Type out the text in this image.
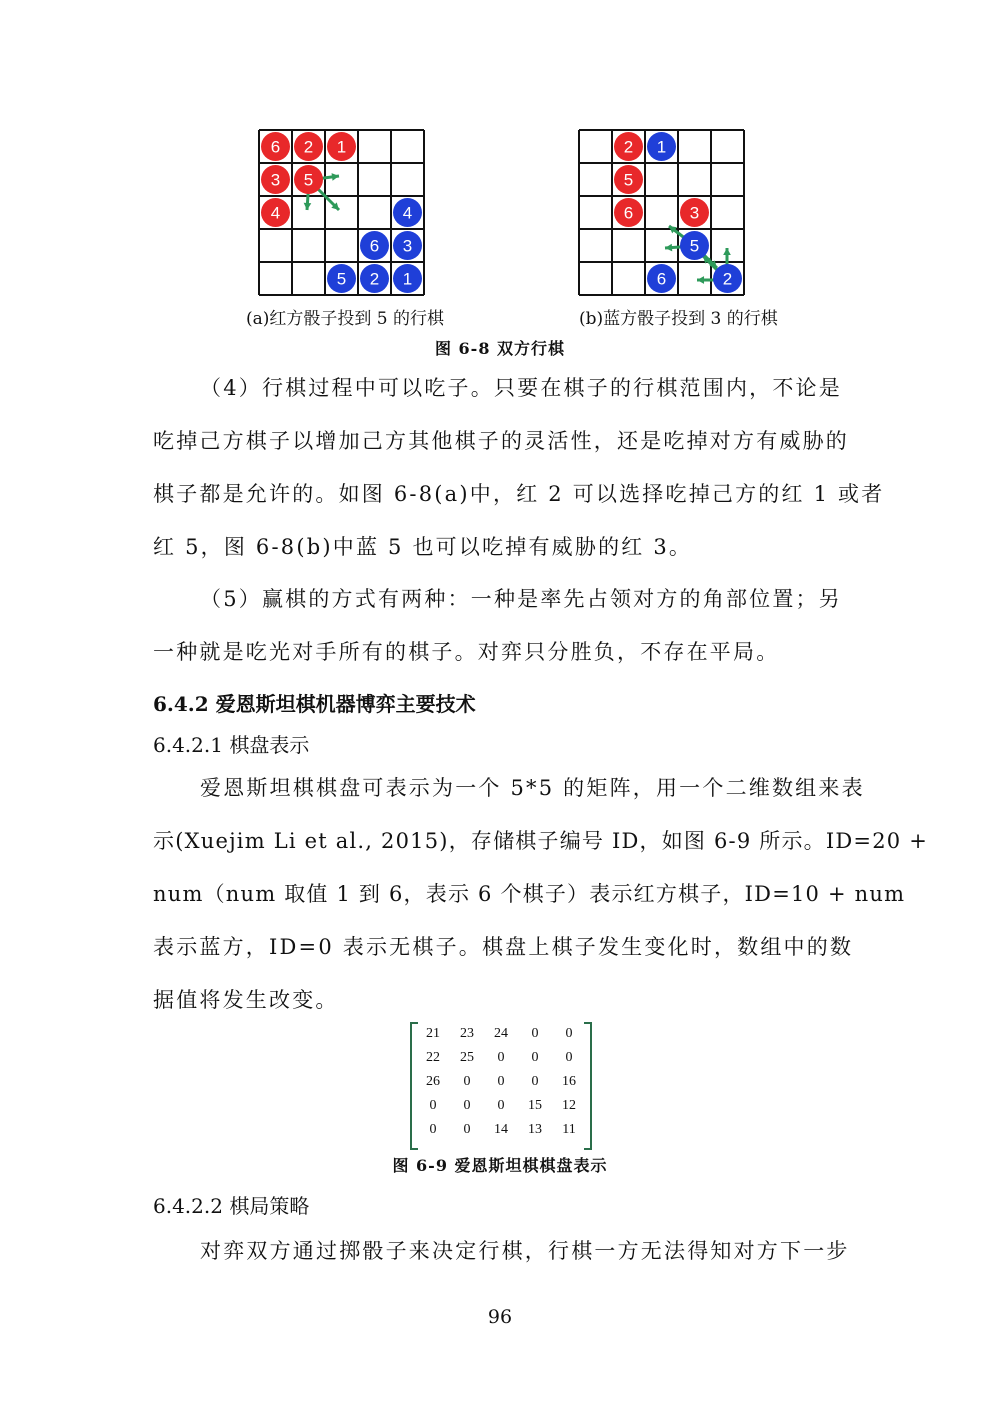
6 2 1
3 5
4	4
6 3
5 2 1
2 1
5
6	3
5
6	2
(a)红方骰子投到 5 的行棋	(b)蓝方骰子投到 3 的行棋
图 6-8 双方行棋
（4）行棋过程中可以吃子。只要在棋子的行棋范围内，不论是
吃掉己方棋子以增加己方其他棋子的灵活性，还是吃掉对方有威胁的
棋子都是允许的。如图 6-8(a)中，红 2 可以选择吃掉己方的红 1 或者
红 5，图 6-8(b)中蓝 5 也可以吃掉有威胁的红 3。
（5）赢棋的方式有两种：一种是率先占领对方的角部位置；另
一种就是吃光对手所有的棋子。对弈只分胜负，不存在平局。
6.4.2 爱恩斯坦棋机器博弈主要技术
6.4.2.1 棋盘表示
爱恩斯坦棋棋盘可表示为一个 5*5 的矩阵，用一个二维数组来表
示(Xuejim Li et al., 2015)，存储棋子编号 ID，如图 6-9 所示。ID=20 +
num（num 取值 1 到 6，表示 6 个棋子）表示红方棋子，ID=10 + num
表示蓝方，ID=0 表示无棋子。棋盘上棋子发生变化时，数组中的数
据值将发生改变。
21	23	24	0	0
22	25	0	0	0
26	0	0	0	16
0	0	0	15	12
0	0	14	13	11
图 6-9 爱恩斯坦棋棋盘表示
6.4.2.2 棋局策略
对弈双方通过掷骰子来决定行棋，行棋一方无法得知对方下一步
96
